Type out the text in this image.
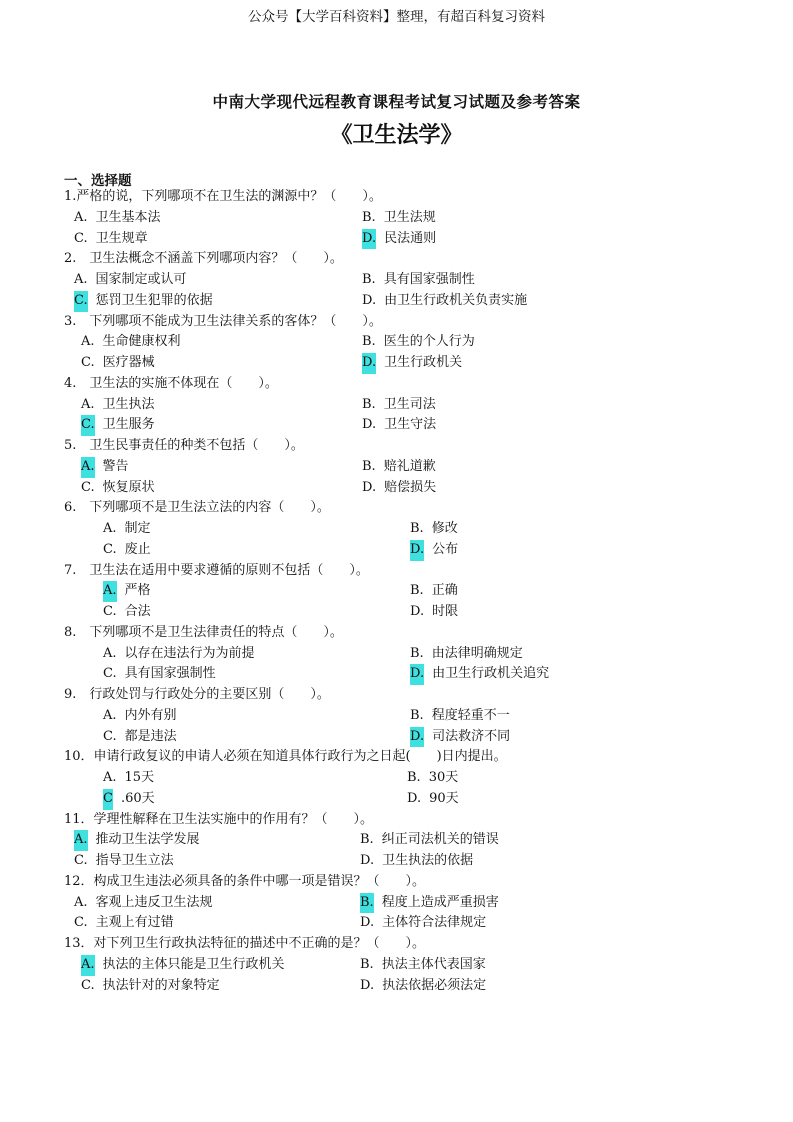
公众号【大学百科资料】整理，有超百科复习资料
中南大学现代远程教育课程考试复习试题及参考答案
《卫生法学》
一、选择题
1.严格的说，下列哪项不在卫生法的渊源中？（　　）。
A. 卫生基本法	B. 卫生法规
C. 卫生规章	D. 民法通则
2.　卫生法概念不涵盖下列哪项内容？（　　）。
A. 国家制定或认可	B. 具有国家强制性
C. 惩罚卫生犯罪的依据	D. 由卫生行政机关负责实施
3.　下列哪项不能成为卫生法律关系的客体？（　　）。
A. 生命健康权利	B. 医生的个人行为
C. 医疗器械	D. 卫生行政机关
4.　卫生法的实施不体现在（　　）。
A. 卫生执法	B. 卫生司法
C. 卫生服务	D. 卫生守法
5.　卫生民事责任的种类不包括（　　）。
A. 警告	B. 赔礼道歉
C. 恢复原状	D. 赔偿损失
6.　下列哪项不是卫生法立法的内容（　　）。
A. 制定	B. 修改
C. 废止	D. 公布
7.　卫生法在适用中要求遵循的原则不包括（　　）。
A. 严格	B. 正确
C. 合法	D. 时限
8.　下列哪项不是卫生法律责任的特点（　　）。
A. 以存在违法行为为前提	B. 由法律明确规定
C. 具有国家强制性	D. 由卫生行政机关追究
9.　行政处罚与行政处分的主要区别（　　）。
A. 内外有别	B. 程度轻重不一
C. 都是违法	D. 司法救济不同
10．申请行政复议的申请人必须在知道具体行政行为之日起(　　)日内提出。
A. 15天	B. 30天
C .60天	D. 90天
11．学理性解释在卫生法实施中的作用有？（　　）。
A. 推动卫生法学发展	B. 纠正司法机关的错误
C. 指导卫生立法	D. 卫生执法的依据
12．构成卫生违法必须具备的条件中哪一项是错误？（　　）。
A. 客观上违反卫生法规	B. 程度上造成严重损害
C. 主观上有过错	D. 主体符合法律规定
13．对下列卫生行政执法特征的描述中不正确的是？（　　）。
A. 执法的主体只能是卫生行政机关	B. 执法主体代表国家
C. 执法针对的对象特定	D. 执法依据必须法定
